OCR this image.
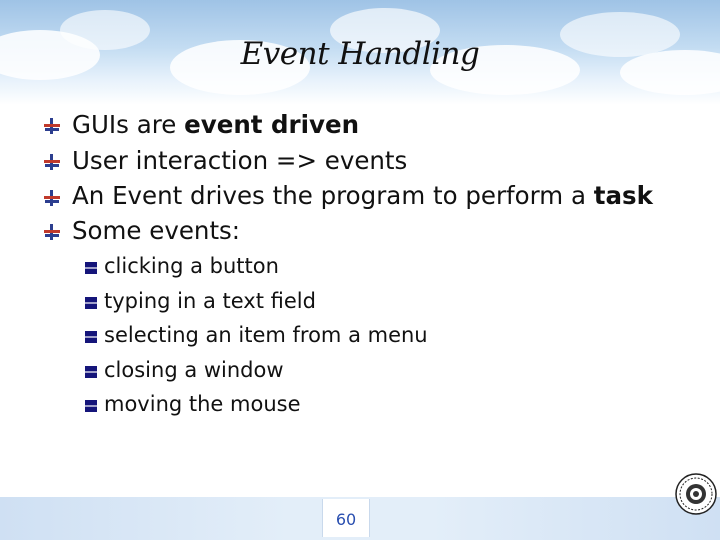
Event Handling
GUIs are event driven
User interaction => events
An Event drives the program to perform a task
Some events:
clicking a button
typing in a text field
selecting an item from a menu
closing a window
moving the mouse
60
